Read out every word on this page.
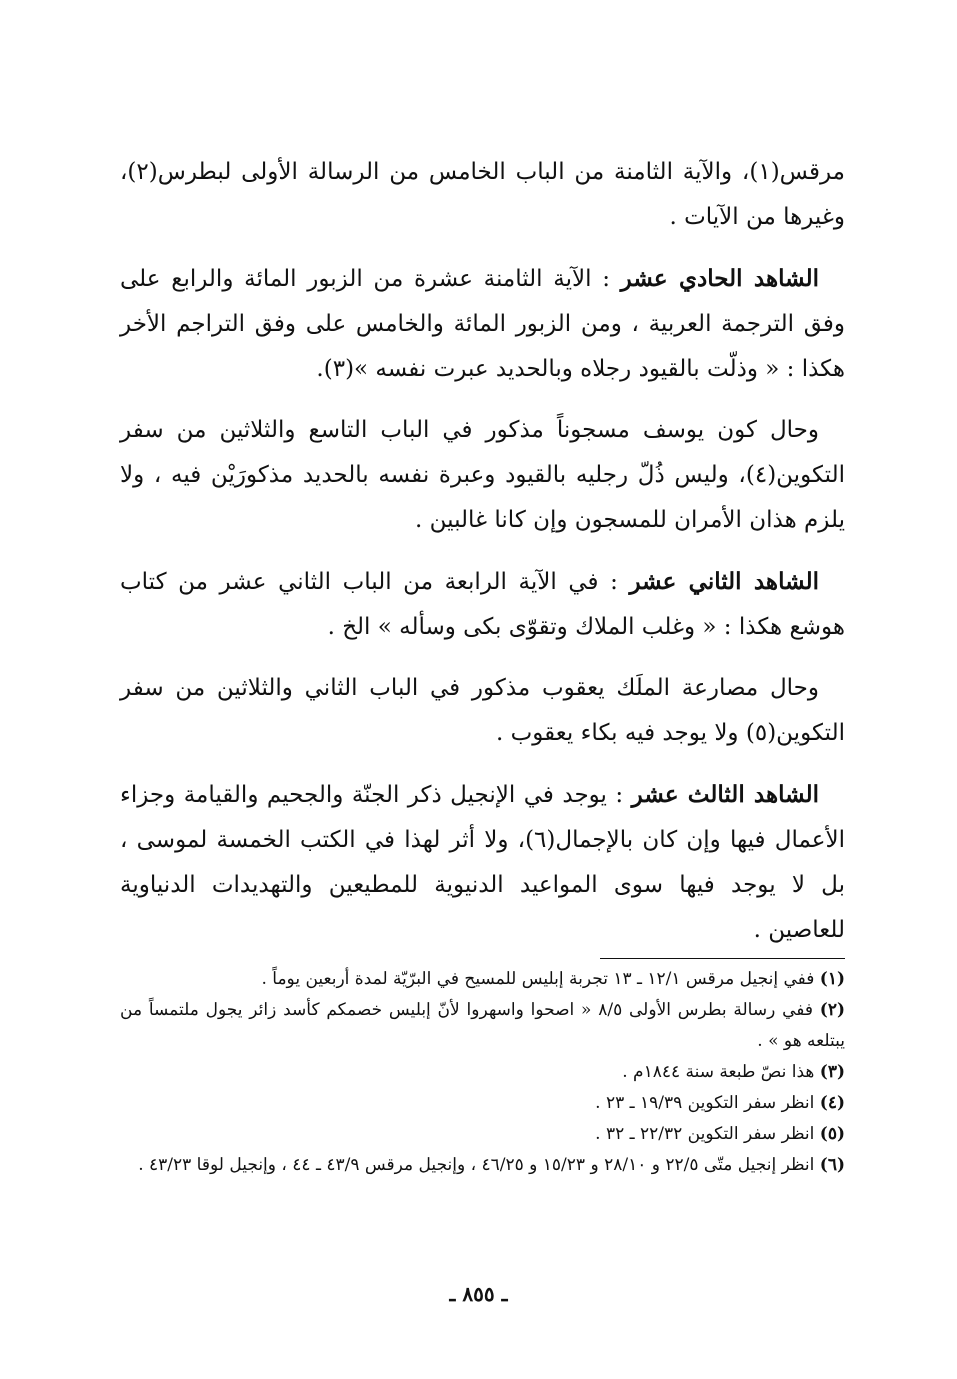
مرقس(١)، والآية الثامنة من الباب الخامس من الرسالة الأولى لبطرس(٢)، وغيرها من الآيات .

الشاهد الحادي عشر : الآية الثامنة عشرة من الزبور المائة والرابع على وفق الترجمة العربية ، ومن الزبور المائة والخامس على وفق التراجم الأخر هكذا : « وذلّت بالقيود رجلاه وبالحديد عبرت نفسه »(٣).

وحال كون يوسف مسجوناً مذكور في الباب التاسع والثلاثين من سفر التكوين(٤)، وليس ذُلّ رجليه بالقيود وعبرة نفسه بالحديد مذكورَيْن فيه ، ولا يلزم هذان الأمران للمسجون وإن كانا غالبين .

الشاهد الثاني عشر : في الآية الرابعة من الباب الثاني عشر من كتاب هوشع هكذا : « وغلب الملاك وتقوّى بكى وسأله » الخ .

وحال مصارعة الملَك يعقوب مذكور في الباب الثاني والثلاثين من سفر التكوين(٥) ولا يوجد فيه بكاء يعقوب .

الشاهد الثالث عشر : يوجد في الإنجيل ذكر الجنّة والجحيم والقيامة وجزاء الأعمال فيها وإن كان بالإجمال(٦)، ولا أثر لهذا في الكتب الخمسة لموسى ، بل لا يوجد فيها سوى المواعيد الدنيوية للمطيعين والتهديدات الدنياوية للعاصين .

(١) ففي إنجيل مرقس ١٢/١ ـ ١٣ تجربة إبليس للمسيح في البرّيّة لمدة أربعين يوماً .

(٢) ففي رسالة بطرس الأولى ٨/٥ « اصحوا واسهروا لأنّ إبليس خصمكم كأسد زائر يجول ملتمساً من يبتلعه هو » .

(٣) هذا نصّ طبعة سنة ١٨٤٤م .

(٤) انظر سفر التكوين ١٩/٣٩ ـ ٢٣ .

(٥) انظر سفر التكوين ٢٢/٣٢ ـ ٣٢ .

(٦) انظر إنجيل متّى ٢٢/٥ و ٢٨/١٠ و ١٥/٢٣ و ٤٦/٢٥ ، وإنجيل مرقس ٤٣/٩ ـ ٤٤ ، وإنجيل لوقا ٤٣/٢٣ .

ـ ٨٥٥ ـ
